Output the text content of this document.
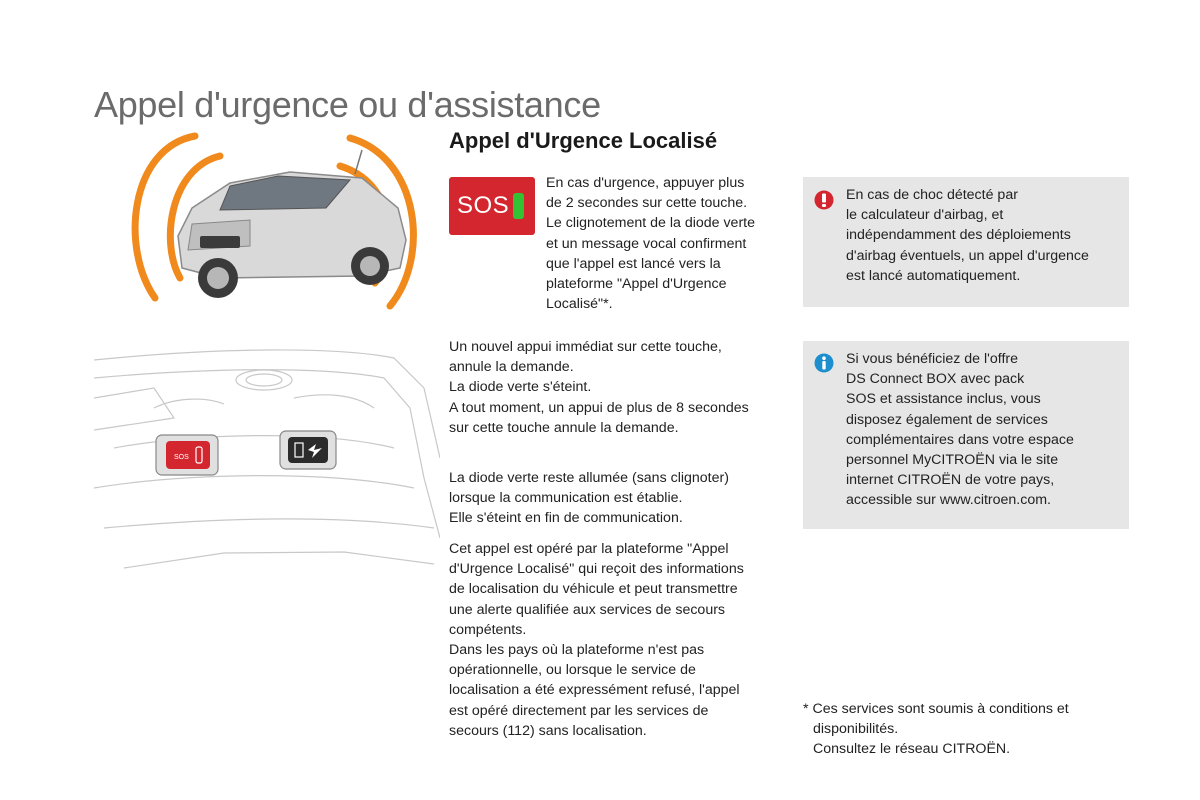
Appel d'urgence ou d'assistance
Appel d'Urgence Localisé
SOS
SOS
En cas d'urgence, appuyer plus
de 2 secondes sur cette touche.
Le clignotement de la diode verte
et un message vocal confirment
que l'appel est lancé vers la
plateforme "Appel d'Urgence
Localisé"*.
Un nouvel appui immédiat sur cette touche,
annule la demande.
La diode verte s'éteint.
A tout moment, un appui de plus de 8 secondes
sur cette touche annule la demande.
La diode verte reste allumée (sans clignoter)
lorsque la communication est établie.
Elle s'éteint en fin de communication.
Cet appel est opéré par la plateforme "Appel
d'Urgence Localisé" qui reçoit des informations
de localisation du véhicule et peut transmettre
une alerte qualifiée aux services de secours
compétents.
Dans les pays où la plateforme n'est pas
opérationnelle, ou lorsque le service de
localisation a été expressément refusé, l'appel
est opéré directement par les services de
secours (112) sans localisation.
En cas de choc détecté par
le calculateur d'airbag, et
indépendamment des déploiements
d'airbag éventuels, un appel d'urgence
est lancé automatiquement.
Si vous bénéficiez de l'offre
DS Connect BOX avec pack
SOS et assistance inclus, vous
disposez également de services
complémentaires dans votre espace
personnel MyCITROËN via le site
internet CITROËN de votre pays,
accessible sur www.citroen.com.
* Ces services sont soumis à conditions et
disponibilités.
Consultez le réseau CITROËN.
